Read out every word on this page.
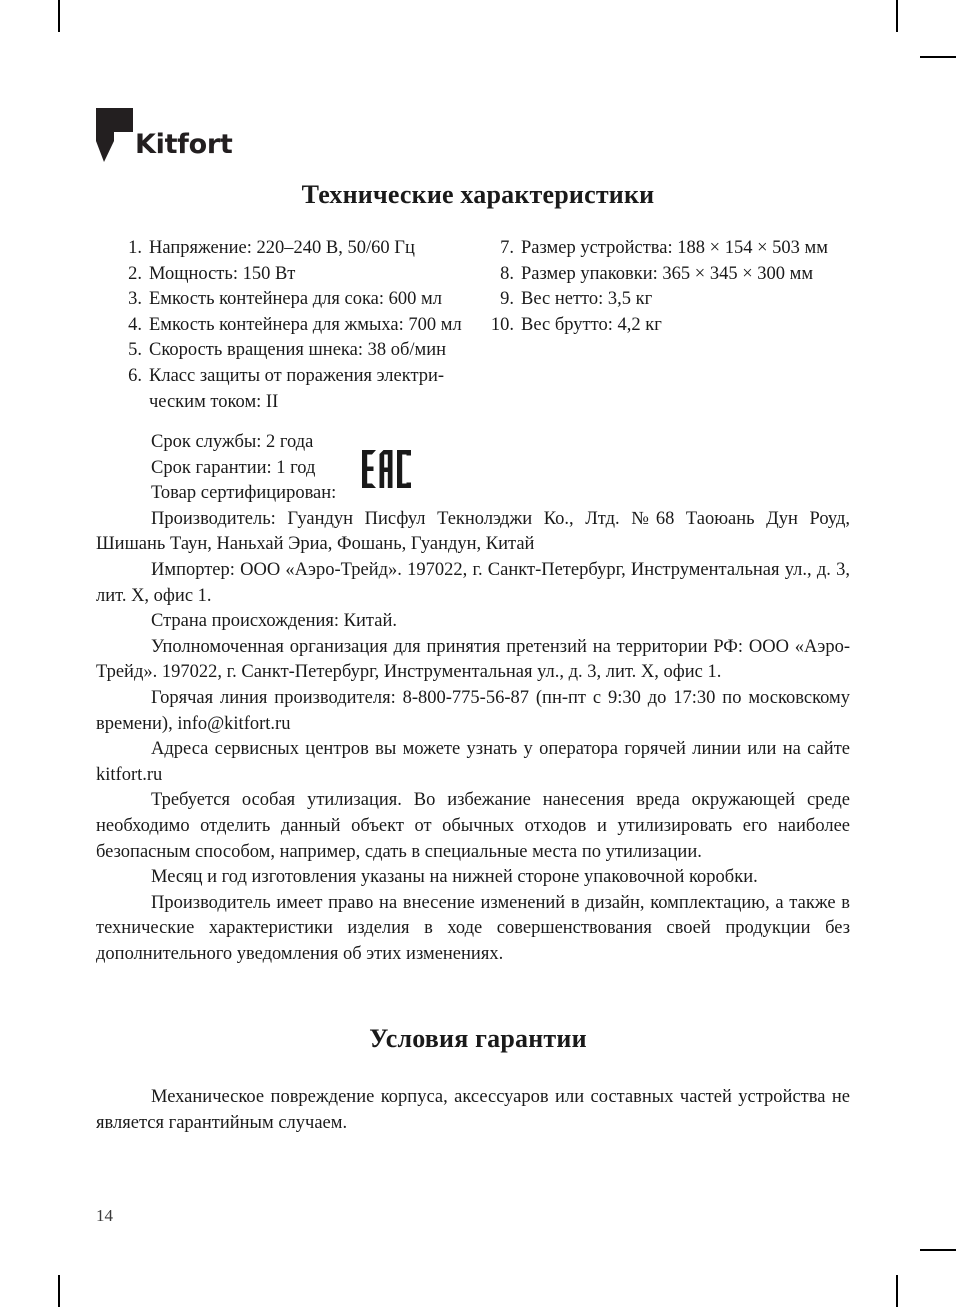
Kitfort
Технические характеристики
1. Напряжение: 220–240 В, 50/60 Гц
2. Мощность: 150 Вт
3. Емкость контейнера для сока: 600 мл
4. Емкость контейнера для жмыха: 700 мл
5. Скорость вращения шнека: 38 об/мин
6. Класс защиты от поражения электри-
ческим током: II
7. Размер устройства: 188 × 154 × 503 мм
8. Размер упаковки: 365 × 345 × 300 мм
9. Вес нетто: 3,5 кг
10. Вес брутто: 4,2 кг
Срок службы: 2 года
Срок гарантии: 1 год
Товар сертифицирован:

Производитель: Гуандун Писфул Текнолэджи Ко., Лтд. №68 Таоюань Дун Роуд, Шишань Таун, Наньхай Эриа, Фошань, Гуандун, Китай

Импортер: ООО «Аэро-Трейд». 197022, г. Санкт-Петербург, Инструментальная ул., д. 3, лит. Х, офис 1.

Страна происхождения: Китай.

Уполномоченная организация для принятия претензий на территории РФ: ООО «Аэро-Трейд». 197022, г. Санкт-Петербург, Инструментальная ул., д. 3, лит. Х, офис 1.

Горячая линия производителя: 8-800-775-56-87 (пн-пт с 9:30 до 17:30 по московскому времени), info@kitfort.ru

Адреса сервисных центров вы можете узнать у оператора горячей линии или на сайте kitfort.ru

Требуется особая утилизация. Во избежание нанесения вреда окружающей среде необходимо отделить данный объект от обычных отходов и утилизировать его наиболее безопасным способом, например, сдать в специальные места по утилизации.

Месяц и год изготовления указаны на нижней стороне упаковочной коробки.

Производитель имеет право на внесение изменений в дизайн, комплектацию, а также в технические характеристики изделия в ходе совершенствования своей продукции без дополнительного уведомления об этих изменениях.

Условия гарантии

Механическое повреждение корпуса, аксессуаров или составных частей устройства не является гарантийным случаем.

14
